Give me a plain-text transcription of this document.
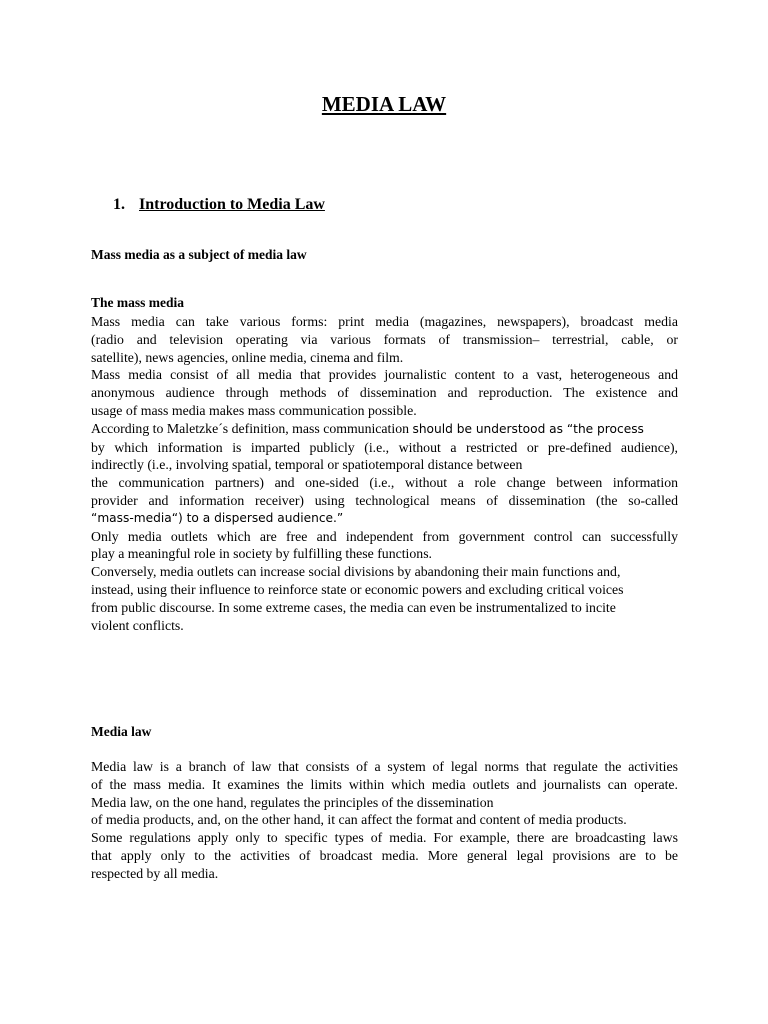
MEDIA LAW
1. Introduction to Media Law

Mass media as a subject of media law

The mass media

Mass media can take various forms: print media (magazines, newspapers), broadcast media
(radio and television operating via various formats of transmission– terrestrial, cable, or
satellite), news agencies, online media, cinema and film.
Mass media consist of all media that provides journalistic content to a vast, heterogeneous and
anonymous audience through methods of dissemination and reproduction. The existence and
usage of mass media makes mass communication possible.
According to Maletzke´s definition, mass communication should be understood as “the process
by which information is imparted publicly (i.e., without a restricted or pre-defined audience),
indirectly (i.e., involving spatial, temporal or spatiotemporal distance between
the communication partners) and one-sided (i.e., without a role change between information
provider and information receiver) using technological means of dissemination (the so-called
“mass-media“) to a dispersed audience.”
Only media outlets which are free and independent from government control can successfully
play a meaningful role in society by fulfilling these functions.
Conversely, media outlets can increase social divisions by abandoning their main functions and,
instead, using their influence to reinforce state or economic powers and excluding critical voices
from public discourse. In some extreme cases, the media can even be instrumentalized to incite
violent conflicts.

Media law

Media law is a branch of law that consists of a system of legal norms that regulate the activities
of the mass media. It examines the limits within which media outlets and journalists can operate.
Media law, on the one hand, regulates the principles of the dissemination
of media products, and, on the other hand, it can affect the format and content of media products.
Some regulations apply only to specific types of media. For example, there are broadcasting laws
that apply only to the activities of broadcast media. More general legal provisions are to be
respected by all media.
